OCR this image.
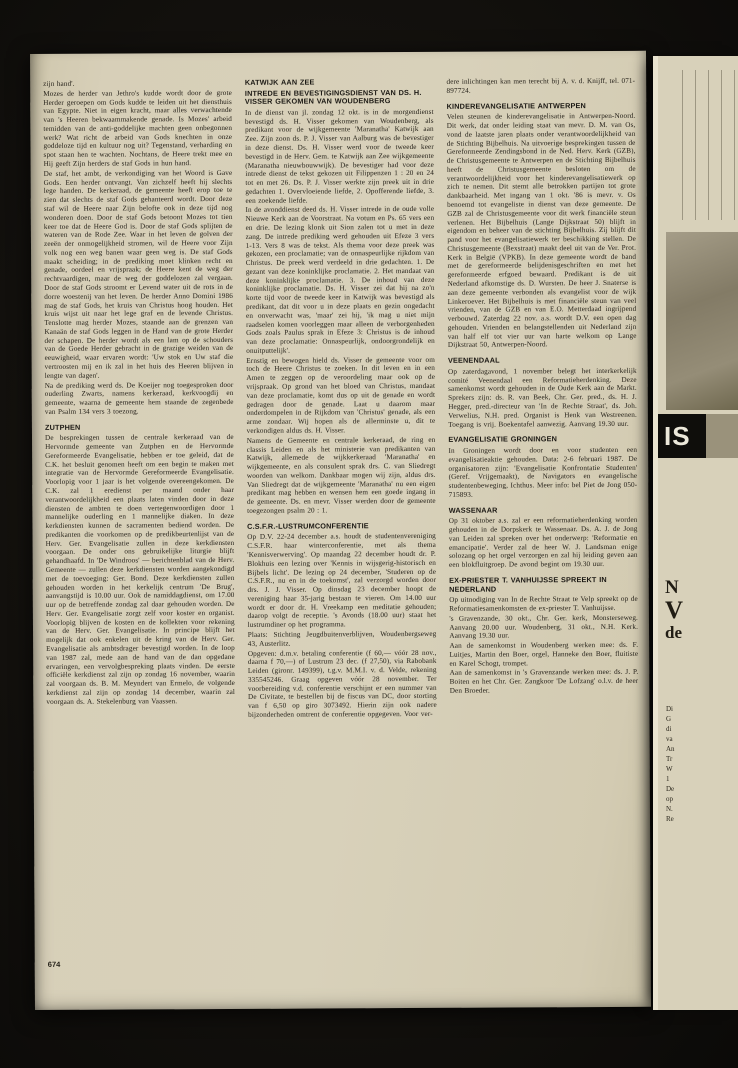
zijn hand'.

Mozes de herder van Jethro's kudde wordt door de grote Herder geroepen om Gods kudde te leiden uit het diensthuis van Egypte. Niet in eigen kracht, maar alles verwachtende van 's Heeren bekwaammakende genade. Is Mozes' arbeid temidden van de anti-goddelijke machten geen onbegonnen werk? Wat richt de arbeid van Gods knechten in onze goddeloze tijd en kultuur nog uit? Tegenstand, verharding en spot staan hen te wachten. Nochtans, de Heere trekt mee en Hij geeft Zijn herders de staf Gods in hun hand.

De staf, het ambt, de verkondiging van het Woord is Gave Gods. Een herder ontvangt. Van zichzelf heeft hij slechts lege handen. De kerkeraad, de gemeente heeft erop toe te zien dat slechts de staf Gods gehanteerd wordt. Door deze staf wil de Heere naar Zijn belofte ook in deze tijd nog wonderen doen. Door de staf Gods betoont Mozes tot tien keer toe dat de Heere God is. Door de staf Gods splijten de wateren van de Rode Zee. Waar in het leven de golven der zeeën der onmogelijkheid stromen, wil de Heere voor Zijn volk nog een weg banen waar geen weg is. De staf Gods maakt scheiding; in de prediking moet klinken recht en genade, oordeel en vrijspraak; de Heere kent de weg der rechtvaardigen, maar de weg der goddelozen zal vergaan. Door de staf Gods stroomt er Levend water uit de rots in de dorre woestenij van het leven. De herder Anno Domini 1986 mag de staf Gods, het kruis van Christus hoog houden. Het kruis wijst uit naar het lege graf en de levende Christus. Tenslotte mag herder Mozes, staande aan de grenzen van Kanaän de staf Gods leggen in de Hand van de grote Herder der schapen. De herder wordt als een lam op de schouders van de Goede Herder gebracht in de grazige weiden van de eeuwigheid, waar ervaren wordt: 'Uw stok en Uw staf die vertroosten mij en ik zal in het huis des Heeren blijven in lengte van dagen'.

Na de prediking werd ds. De Koeijer nog toegesproken door ouderling Zwarts, namens kerkeraad, kerkvoogdij en gemeente, waarna de gemeente hem staande de zegenbede van Psalm 134 vers 3 toezong.

ZUTPHEN

De besprekingen tussen de centrale kerkeraad van de Hervormde gemeente van Zutphen en de Hervormde Gereformeerde Evangelisatie, hebben er toe geleid, dat de C.K. het besluit genomen heeft om een begin te maken met integratie van de Hervormde Gereformeerde Evangelisatie. Voorlopig voor 1 jaar is het volgende overeengekomen. De C.K. zal 1 eredienst per maand onder haar verantwoordelijkheid een plaats laten vinden door in deze diensten de ambten te doen vertegenwoordigen door 1 mannelijke ouderling en 1 mannelijke diaken. In deze kerkdiensten kunnen de sacramenten bediend worden. De predikanten die voorkomen op de predikbeurtenlijst van de Herv. Ger. Evangelisatie zullen in deze kerkdiensten voorgaan. De onder ons gebruikelijke liturgie blijft gehandhaafd. In 'De Windroos' — berichtenblad van de Herv. Gemeente — zullen deze kerkdiensten worden aangekondigd met de toevoeging: Ger. Bond. Deze kerkdiensten zullen gehouden worden in het kerkelijk centrum 'De Brug', aanvangstijd is 10.00 uur. Ook de namiddagdienst, om 17.00 uur op de betreffende zondag zal daar gehouden worden. De Herv. Ger. Evangelisatie zorgt zelf voor koster en organist. Voorlopig blijven de kosten en de kollekten voor rekening van de Herv. Ger. Evangelisatie. In principe blijft het mogelijk dat ook enkelen uit de kring van de Herv. Ger. Evangelisatie als ambtsdrager bevestigd worden. In de loop van 1987 zal, mede aan de hand van de dan opgedane ervaringen, een vervolgbespreking plaats vinden. De eerste officiële kerkdienst zal zijn op zondag 16 november, waarin zal voorgaan ds. B. M. Meyndert van Ermelo, de volgende kerkdienst zal zijn op zondag 14 december, waarin zal voorgaan ds. A. Stekelenburg van Vaassen.

KATWIJK AAN ZEE
INTREDE EN BEVESTIGINGSDIENST VAN DS. H. VISSER GEKOMEN VAN WOUDENBERG

In de dienst van jl. zondag 12 okt. is in de morgendienst bevestigd ds. H. Visser gekomen van Woudenberg, als predikant voor de wijkgemeente 'Maranatha' Katwijk aan Zee. Zijn zoon ds. P. J. Visser van Aalburg was de bevestiger in deze dienst. Ds. H. Visser werd voor de tweede keer bevestigd in de Herv. Gem. te Katwijk aan Zee wijkgemeente (Maranatha nieuwbouwwijk). De bevestiger had voor deze intrede dienst de tekst gekozen uit Filippenzen 1 : 20 en 24 tot en met 26. Ds. P. J. Visser werkte zijn preek uit in drie gedachten 1. Overvloeiende liefde, 2. Opofferende liefde, 3. een zoekende liefde.

In de avonddienst deed ds. H. Visser intrede in de oude volle Nieuwe Kerk aan de Voorstraat. Na votum en Ps. 65 vers een en drie. De lezing klonk uit Sion zalen tot u met in deze zang. De intrede prediking werd gehouden uit Efeze 3 vers 1-13. Vers 8 was de tekst. Als thema voor deze preek was gekozen, een proclamatie; van de onnaspeurlijke rijkdom van Christus. De preek werd verdeeld in drie gedachten. 1. De gezant van deze koninklijke proclamatie. 2. Het mandaat van deze koninklijke proclamatie. 3. De inhoud van deze koninklijke proclamatie. Ds. H. Visser zei dat hij na zo'n korte tijd voor de tweede keer in Katwijk was bevestigd als predikant, dat dit voor u in deze plaats en gezin ongedacht en onverwacht was, 'maar' zei hij, 'ik mag u niet mijn raadselen komen voorleggen maar alleen de verborgenheden Gods zoals Paulus sprak in Efeze 3: Christus is de inhoud van deze proclamatie: Onnaspeurlijk, ondoorgrondelijk en onuitputtelijk'.

Ernstig en bewogen hield ds. Visser de gemeente voor om toch de Heere Christus te zoeken. In dit leven en in een Amen te zeggen op de veroordeling maar ook op de vrijspraak. Op grond van het bloed van Christus, mandaat van deze proclamatie, komt dus op uit de genade en wordt gedragen door de genade. Laat u daarom maar onderdompelen in de Rijkdom van 'Christus' genade, als een arme zondaar. Wij hopen als de allerminste u, dit te verkondigen aldus ds. H. Visser.

Namens de Gemeente en centrale kerkeraad, de ring en classis Leiden en als het ministerie van predikanten van Katwijk, allemede de wijkkerkeraad 'Maranatha' en wijkgemeente, en als consulent sprak drs. C. van Sliedregt woorden van welkom. Dankbaar mogen wij zijn, aldus drs. Van Sliedregt dat de wijkgemeente 'Maranatha' nu een eigen predikant mag hebben en wensen hem een goede ingang in de gemeente. Ds. en mevr. Visser werden door de gemeente toegezongen psalm 20 : 1.

C.S.F.R.-LUSTRUMCONFERENTIE

Op D.V. 22-24 december a.s. houdt de studentenvereniging C.S.F.R. haar winterconferentie, met als thema 'Kennisverwerving'. Op maandag 22 december houdt dr. P. Blokhuis een lezing over 'Kennis in wijsgerig-historisch en Bijbels licht'. De lezing op 24 december, 'Studeren op de C.S.F.R., nu en in de toekomst', zal verzorgd worden door drs. J. J. Visser. Op dinsdag 23 december hoopt de vereniging haar 35-jarig bestaan te vieren. Om 14.00 uur wordt er door dr. H. Vreekamp een meditatie gehouden; daarop volgt de receptie. 's Avonds (18.00 uur) staat het lustrumdiner op het programma.

Plaats: Stichting Jeugdbuitenverblijven, Woudenbergseweg 43, Austerlitz.

Opgeven: d.m.v. betaling conferentie (f 60,— vóór 28 nov., daarna f 70,—) of Lustrum 23 dec. (f 27,50), via Rabobank Leiden (gironr. 149399), t.g.v. M.M.I. v. d. Velde, rekening 335545246. Graag opgeven vóór 28 november. Ter voorbereiding v.d. conferentie verschijnt er een nummer van De Civitate, te bestellen bij de fiscus van DC, door storting van f 6,50 op giro 3073492. Hierin zijn ook nadere bijzonderheden omtrent de conferentie opgegeven. Voor ver-

dere inlichtingen kan men terecht bij A. v. d. Knijff, tel. 071-897724.

KINDEREVANGELISATIE ANTWERPEN

Velen steunen de kinderevangelisatie in Antwerpen-Noord. Dit werk, dat onder leiding staat van mevr. D. M. van Os, vond de laatste jaren plaats onder verantwoordelijkheid van de Stichting Bijbelhuis. Na uitvoerige besprekingen tussen de Gereformeerde Zendingsbond in de Ned. Herv. Kerk (GZB), de Christusgemeente te Antwerpen en de Stichting Bijbelhuis heeft de Christusgemeente besloten om de verantwoordelijkheid voor het kinderevangelisatiewerk op zich te nemen. Dit stemt alle betrokken partijen tot grote dankbaarheid. Met ingang van 1 okt. '86 is mevr. v. Os benoemd tot evangeliste in dienst van deze gemeente. De GZB zal de Christusgemeente voor dit werk financiële steun verlenen. Het Bijbelhuis (Lange Dijkstraat 50) blijft in eigendom en beheer van de stichting Bijbelhuis. Zij blijft dit pand voor het evangelisatiewerk ter beschikking stellen. De Christusgemeente (Bexstraat) maakt deel uit van de Ver. Prot. Kerk in België (VPKB). In deze gemeente wordt de band met de gereformeerde belijdenisgeschriften en met het gereformeerde erfgoed bewaard. Predikant is de uit Nederland afkomstige ds. D. Wursten. De heer J. Snaterse is aan deze gemeente verbonden als evangelist voor de wijk Linkeroever. Het Bijbelhuis is met financiële steun van veel vrienden, van de GZB en van E.O. Metterdaad ingrijpend verbouwd. Zaterdag 22 nov. a.s. wordt D.V. een open dag gehouden. Vrienden en belangstellenden uit Nederland zijn van half elf tot vier uur van harte welkom op Lange Dijkstraat 50, Antwerpen-Noord.

VEENENDAAL

Op zaterdagavond, 1 november belegt het interkerkelijk comité Veenendaal een Reformatieherdenking. Deze samenkomst wordt gehouden in de Oude Kerk aan de Markt. Sprekers zijn: ds. R. van Beek, Chr. Ger. pred., ds. H. J. Hegger, pred.-directeur van 'In de Rechte Straat', ds. Joh. Verwelius, N.H. pred. Organist is Henk van Westreenen. Toegang is vrij. Boekentafel aanwezig. Aanvang 19.30 uur.

EVANGELISATIE GRONINGEN

In Groningen wordt door en voor studenten een evangelisatieaktie gehouden. Data: 2-6 februari 1987. De organisatoren zijn: 'Evangelisatie Konfrontatie Studenten' (Geref. Vrijgemaakt), de Navigators en evangelische studentenbeweging, Ichthus. Meer info: bel Piet de Jong 050-715893.

WASSENAAR

Op 31 oktober a.s. zal er een reformatieherdenking worden gehouden in de Dorpskerk te Wassenaar. Ds. A. J. de Jong van Leiden zal spreken over het onderwerp: 'Reformatie en emancipatie'. Verder zal de heer W. J. Landsman enige solozang op het orgel verzorgen en zal hij leiding geven aan een blokfluitgroep. De avond begint om 19.30 uur.

EX-PRIESTER T. VANHUIJSSE SPREEKT IN NEDERLAND

Op uitnodiging van In de Rechte Straat te Velp spreekt op de Reformatiesamenkomsten de ex-priester T. Vanhuijsse.

's Gravenzande, 30 okt., Chr. Ger. kerk, Monsterseweg. Aanvang 20.00 uur. Woudenberg, 31 okt., N.H. Kerk. Aanvang 19.30 uur.

Aan de samenkomst in Woudenberg werken mee: ds. F. Luitjes, Martin den Boer, orgel, Hanneke den Boer, fluitiste en Karel Schogt, trompet.

Aan de samenkomst in 's Gravenzande werken mee: ds. J. P. Boiten en het Chr. Ger. Zangkoor 'De Lofzang' o.l.v. de heer Den Broeder.

674
IS
N
V
de
Di
G
di
va
An
Tr
W
1
De
op
N.
Re
